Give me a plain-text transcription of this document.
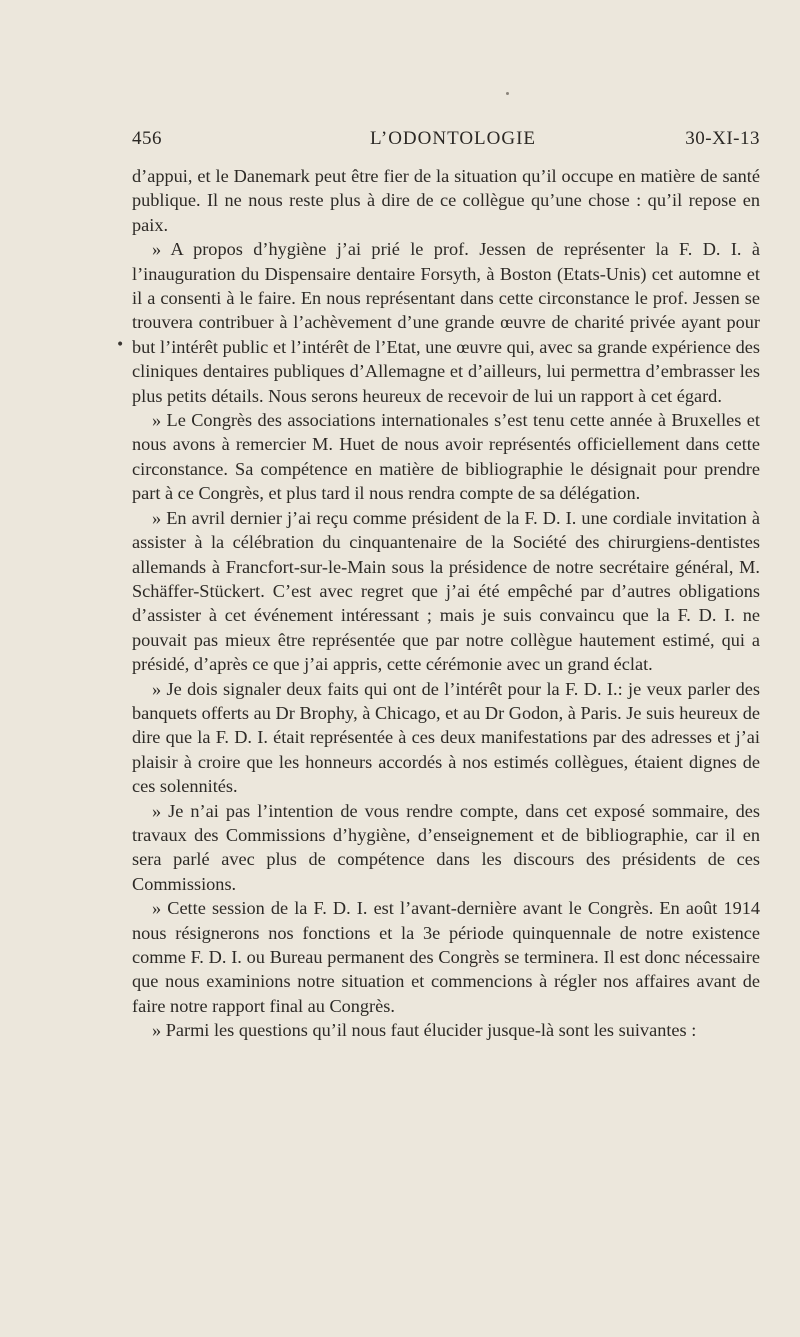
456	L’ODONTOLOGIE	30-XI-13
•

d’appui, et le Danemark peut être fier de la situation qu’il occupe en matière de santé publique. Il ne nous reste plus à dire de ce collègue qu’une chose : qu’il repose en paix.

» A propos d’hygiène j’ai prié le prof. Jessen de représenter la F. D. I. à l’inauguration du Dispensaire dentaire Forsyth, à Boston (Etats-Unis) cet automne et il a consenti à le faire. En nous représentant dans cette circonstance le prof. Jessen se trouvera contribuer à l’achèvement d’une grande œuvre de charité privée ayant pour but l’intérêt public et l’intérêt de l’Etat, une œuvre qui, avec sa grande expérience des cliniques dentaires publiques d’Allemagne et d’ailleurs, lui permettra d’embrasser les plus petits détails. Nous serons heureux de recevoir de lui un rapport à cet égard.

» Le Congrès des associations internationales s’est tenu cette année à Bruxelles et nous avons à remercier M. Huet de nous avoir représentés officiellement dans cette circonstance. Sa compétence en matière de bibliographie le désignait pour prendre part à ce Congrès, et plus tard il nous rendra compte de sa délégation.

» En avril dernier j’ai reçu comme président de la F. D. I. une cordiale invitation à assister à la célébration du cinquantenaire de la Société des chirurgiens-dentistes allemands à Francfort-sur-le-Main sous la présidence de notre secrétaire général, M. Schäffer-Stückert. C’est avec regret que j’ai été empêché par d’autres obligations d’assister à cet événement intéressant ; mais je suis convaincu que la F. D. I. ne pouvait pas mieux être représentée que par notre collègue hautement estimé, qui a présidé, d’après ce que j’ai appris, cette cérémonie avec un grand éclat.

» Je dois signaler deux faits qui ont de l’intérêt pour la F. D. I.: je veux parler des banquets offerts au Dr Brophy, à Chicago, et au Dr Godon, à Paris. Je suis heureux de dire que la F. D. I. était représentée à ces deux manifestations par des adresses et j’ai plaisir à croire que les honneurs accordés à nos estimés collègues, étaient dignes de ces solennités.

» Je n’ai pas l’intention de vous rendre compte, dans cet exposé sommaire, des travaux des Commissions d’hygiène, d’enseignement et de bibliographie, car il en sera parlé avec plus de compétence dans les discours des présidents de ces Commissions.

» Cette session de la F. D. I. est l’avant-dernière avant le Congrès. En août 1914 nous résignerons nos fonctions et la 3e période quinquennale de notre existence comme F. D. I. ou Bureau permanent des Congrès se terminera. Il est donc nécessaire que nous examinions notre situation et commencions à régler nos affaires avant de faire notre rapport final au Congrès.

» Parmi les questions qu’il nous faut élucider jusque-là sont les suivantes :
